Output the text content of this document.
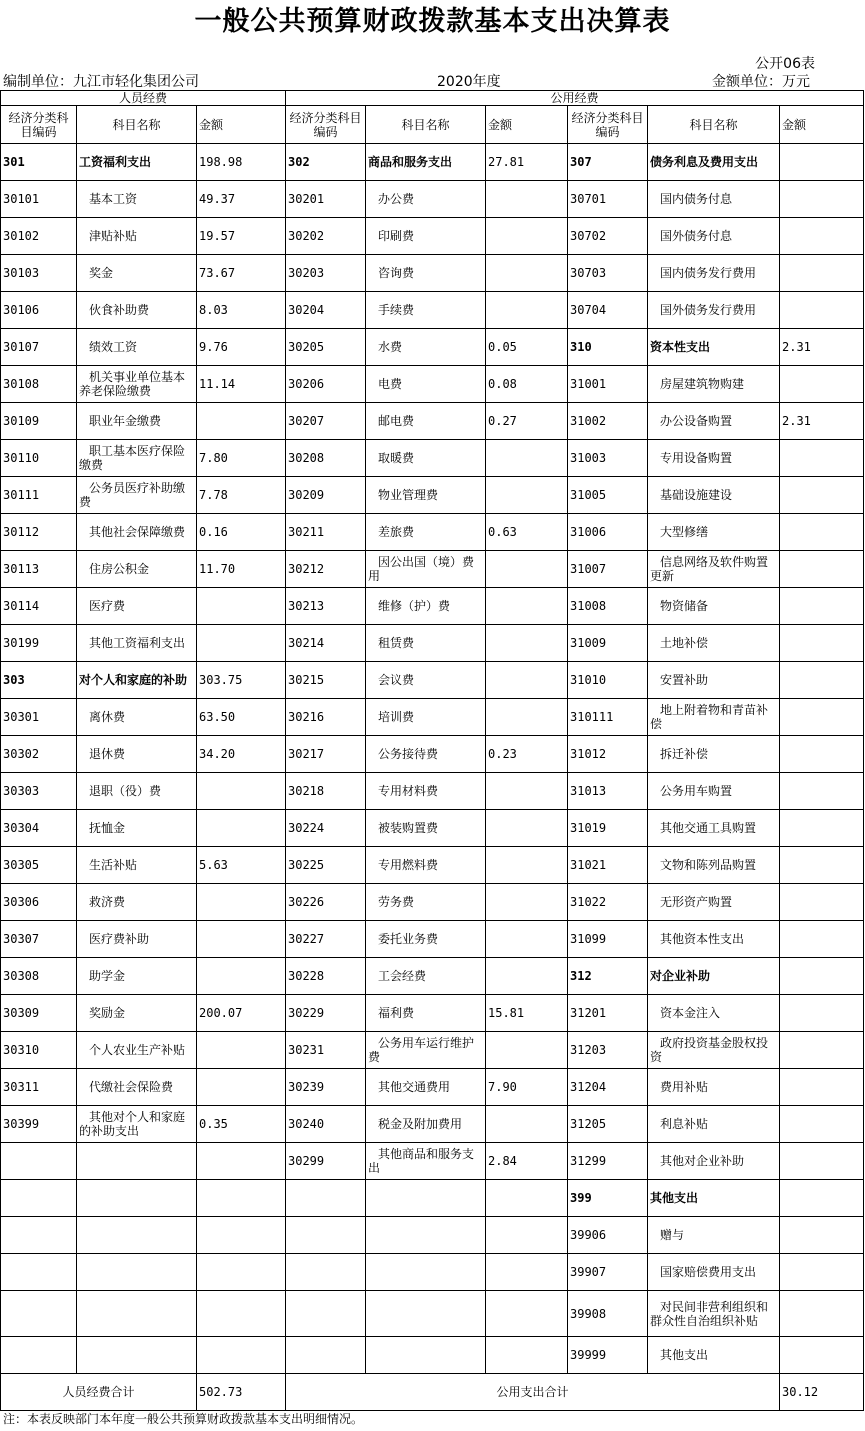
一般公共预算财政拨款基本支出决算表
公开06表
编制单位：九江市轻化集团公司	2020年度	金额单位：万元
人员经费			公用经费					
经济分类科目编码	科目名称	金额	经济分类科目编码	科目名称	金额	经济分类科目编码	科目名称	金额
301	工资福利支出	198.98	302	商品和服务支出	27.81	307	债务利息及费用支出	
30101	基本工资	49.37	30201	办公费		30701	国内债务付息	
30102	津贴补贴	19.57	30202	印刷费		30702	国外债务付息	
30103	奖金	73.67	30203	咨询费		30703	国内债务发行费用	
30106	伙食补助费	8.03	30204	手续费		30704	国外债务发行费用	
30107	绩效工资	9.76	30205	水费	0.05	310	资本性支出	2.31
30108	机关事业单位基本养老保险缴费	11.14	30206	电费	0.08	31001	房屋建筑物购建	
30109	职业年金缴费		30207	邮电费	0.27	31002	办公设备购置	2.31
30110	职工基本医疗保险缴费	7.80	30208	取暖费		31003	专用设备购置	
30111	公务员医疗补助缴费	7.78	30209	物业管理费		31005	基础设施建设	
30112	其他社会保障缴费	0.16	30211	差旅费	0.63	31006	大型修缮	
30113	住房公积金	11.70	30212	因公出国（境）费用		31007	信息网络及软件购置更新	
30114	医疗费		30213	维修（护）费		31008	物资储备	
30199	其他工资福利支出		30214	租赁费		31009	土地补偿	
303	对个人和家庭的补助	303.75	30215	会议费		31010	安置补助	
30301	离休费	63.50	30216	培训费		310111	地上附着物和青苗补偿	
30302	退休费	34.20	30217	公务接待费	0.23	31012	拆迁补偿	
30303	退职（役）费		30218	专用材料费		31013	公务用车购置	
30304	抚恤金		30224	被装购置费		31019	其他交通工具购置	
30305	生活补贴	5.63	30225	专用燃料费		31021	文物和陈列品购置	
30306	救济费		30226	劳务费		31022	无形资产购置	
30307	医疗费补助		30227	委托业务费		31099	其他资本性支出	
30308	助学金		30228	工会经费		312	对企业补助	
30309	奖励金	200.07	30229	福利费	15.81	31201	资本金注入	
30310	个人农业生产补贴		30231	公务用车运行维护费		31203	政府投资基金股权投资	
30311	代缴社会保险费		30239	其他交通费用	7.90	31204	费用补贴	
30399	其他对个人和家庭的补助支出	0.35	30240	税金及附加费用		31205	利息补贴	
			30299	其他商品和服务支出	2.84	31299	其他对企业补助	
						399	其他支出	
						39906	赠与	
						39907	国家赔偿费用支出	
						39908	对民间非营利组织和群众性自治组织补贴	
						39999	其他支出	
人员经费合计		502.73	公用支出合计					30.12
注：本表反映部门本年度一般公共预算财政拨款基本支出明细情况。
